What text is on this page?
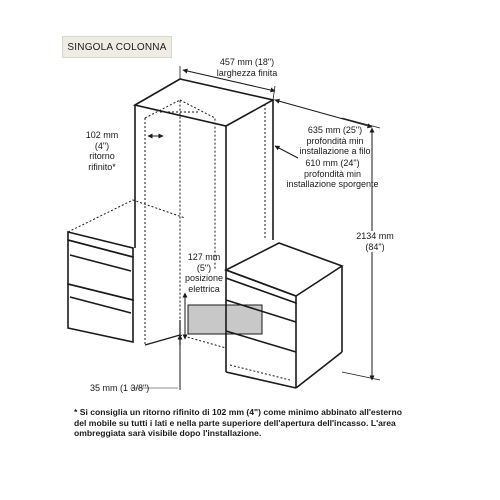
SINGOLA COLONNA
457 mm (18")
larghezza finita
102 mm
(4")
ritorno
rifinito*
635 mm (25")
profondità min
installazione a filo
610 mm (24")
profondità min
installazione sporgente
2134 mm
(84")
127 mm
(5")
posizione
elettrica
35 mm (1 3/8")
* Si consiglia un ritorno rifinito di 102 mm (4") come minimo abbinato all'esterno del mobile su tutti i lati e nella parte superiore dell'apertura dell'incasso. L'area ombreggiata sarà visibile dopo l'installazione.
